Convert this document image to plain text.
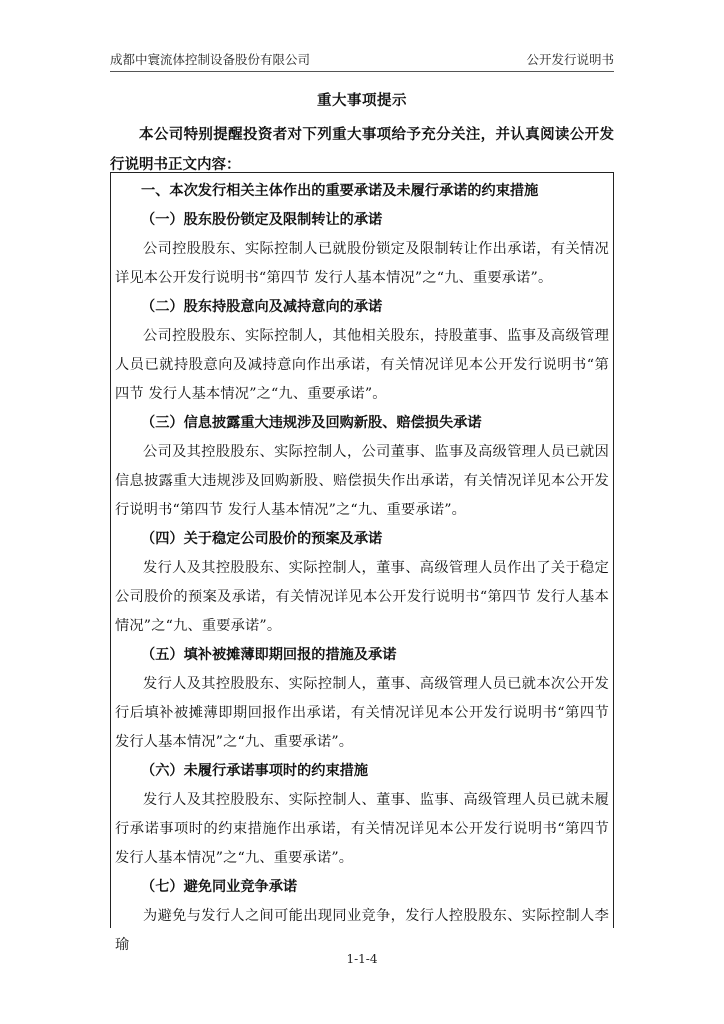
成都中寰流体控制设备股份有限公司	公开发行说明书
重大事项提示
本公司特别提醒投资者对下列重大事项给予充分关注，并认真阅读公开发行说明书正文内容：

一、本次发行相关主体作出的重要承诺及未履行承诺的约束措施

（一）股东股份锁定及限制转让的承诺

公司控股股东、实际控制人已就股份锁定及限制转让作出承诺，有关情况详见本公开发行说明书“第四节 发行人基本情况”之“九、重要承诺”。

（二）股东持股意向及减持意向的承诺

公司控股股东、实际控制人，其他相关股东，持股董事、监事及高级管理人员已就持股意向及减持意向作出承诺，有关情况详见本公开发行说明书“第四节 发行人基本情况”之“九、重要承诺”。

（三）信息披露重大违规涉及回购新股、赔偿损失承诺

公司及其控股股东、实际控制人，公司董事、监事及高级管理人员已就因信息披露重大违规涉及回购新股、赔偿损失作出承诺，有关情况详见本公开发行说明书“第四节 发行人基本情况”之“九、重要承诺”。

（四）关于稳定公司股价的预案及承诺

发行人及其控股股东、实际控制人，董事、高级管理人员作出了关于稳定公司股价的预案及承诺，有关情况详见本公开发行说明书“第四节 发行人基本情况”之“九、重要承诺”。

（五）填补被摊薄即期回报的措施及承诺

发行人及其控股股东、实际控制人，董事、高级管理人员已就本次公开发行后填补被摊薄即期回报作出承诺，有关情况详见本公开发行说明书“第四节 发行人基本情况”之“九、重要承诺”。

（六）未履行承诺事项时的约束措施

发行人及其控股股东、实际控制人、董事、监事、高级管理人员已就未履行承诺事项时的约束措施作出承诺，有关情况详见本公开发行说明书“第四节 发行人基本情况”之“九、重要承诺”。

（七）避免同业竞争承诺

为避免与发行人之间可能出现同业竞争，发行人控股股东、实际控制人李瑜

1-1-4
